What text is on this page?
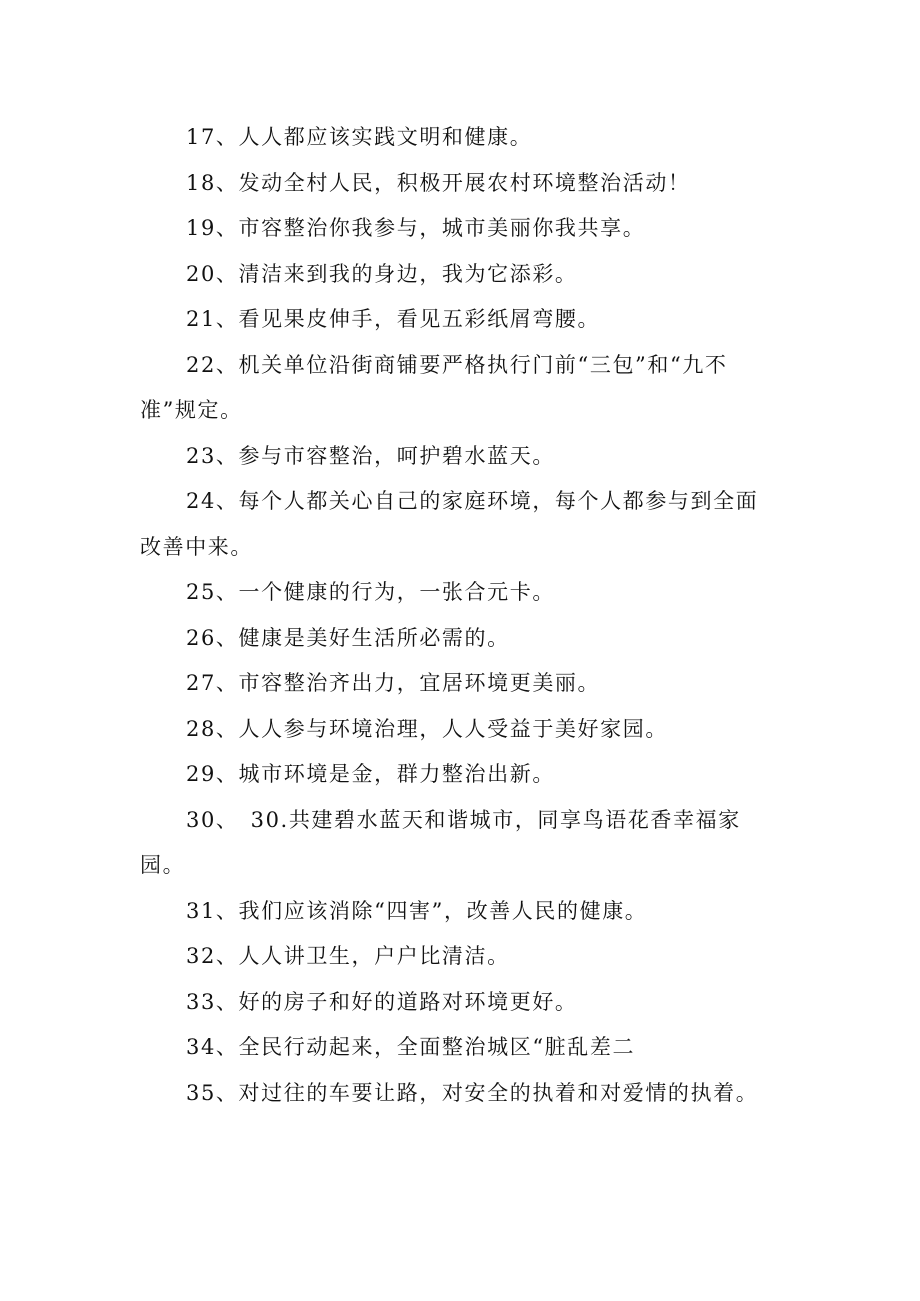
17、人人都应该实践文明和健康。

18、发动全村人民，积极开展农村环境整治活动！

19、市容整治你我参与，城市美丽你我共享。

20、清洁来到我的身边，我为它添彩。

21、看见果皮伸手，看见五彩纸屑弯腰。

22、机关单位沿街商铺要严格执行门前“三包”和“九不准”规定。

23、参与市容整治，呵护碧水蓝天。

24、每个人都关心自己的家庭环境，每个人都参与到全面改善中来。

25、一个健康的行为，一张合元卡。

26、健康是美好生活所必需的。

27、市容整治齐出力，宜居环境更美丽。

28、人人参与环境治理，人人受益于美好家园。

29、城市环境是金，群力整治出新。

30、　30.共建碧水蓝天和谐城市，同享鸟语花香幸福家园。

31、我们应该消除“四害”，改善人民的健康。

32、人人讲卫生，户户比清洁。

33、好的房子和好的道路对环境更好。

34、全民行动起来，全面整治城区“脏乱差二

35、对过往的车要让路，对安全的执着和对爱情的执着。
